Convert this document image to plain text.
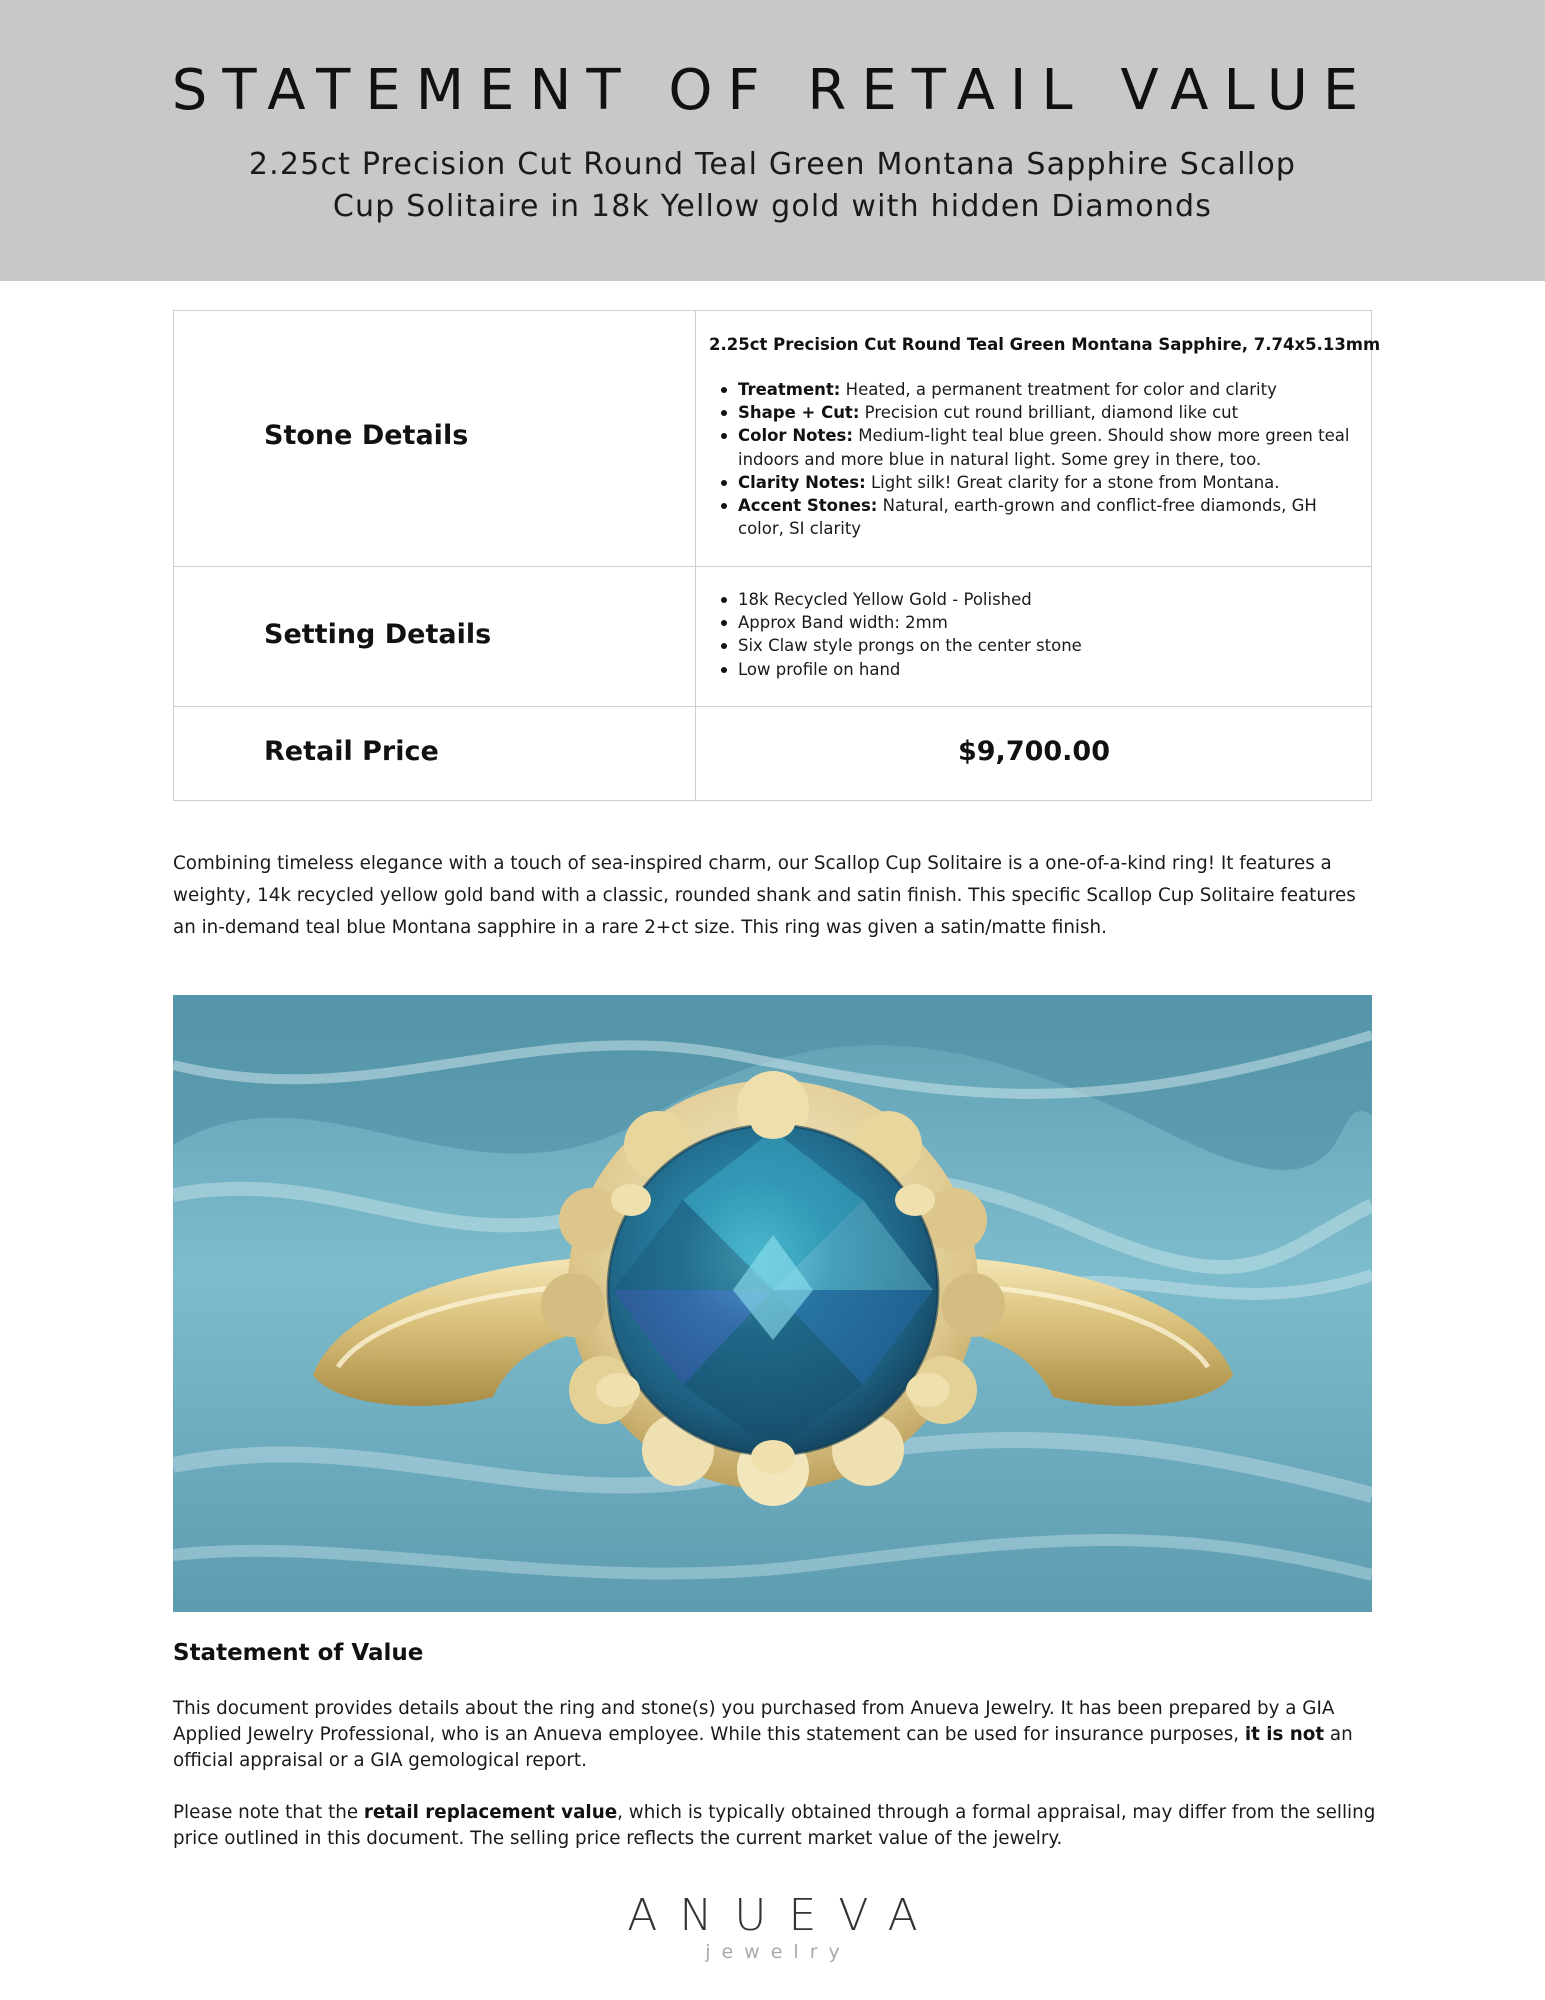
STATEMENT OF RETAIL VALUE
2.25ct Precision Cut Round Teal Green Montana Sapphire Scallop
Cup Solitaire in 18k Yellow gold with hidden Diamonds
Stone Details
2.25ct Precision Cut Round Teal Green Montana Sapphire, 7.74x5.13mm
Treatment: Heated, a permanent treatment for color and clarity
Shape + Cut: Precision cut round brilliant, diamond like cut
Color Notes: Medium-light teal blue green. Should show more green teal indoors and more blue in natural light. Some grey in there, too.
Clarity Notes: Light silk! Great clarity for a stone from Montana.
Accent Stones: Natural, earth-grown and conflict-free diamonds, GH color, SI clarity
Setting Details
18k Recycled Yellow Gold - Polished
Approx Band width: 2mm
Six Claw style prongs on the center stone
Low profile on hand
Retail Price	$9,700.00
Combining timeless elegance with a touch of sea-inspired charm, our Scallop Cup Solitaire is a one-of-a-kind ring! It features a weighty, 14k recycled yellow gold band with a classic, rounded shank and satin finish. This specific Scallop Cup Solitaire features an in-demand teal blue Montana sapphire in a rare 2+ct size. This ring was given a satin/matte finish.
Statement of Value

This document provides details about the ring and stone(s) you purchased from Anueva Jewelry. It has been prepared by a GIA Applied Jewelry Professional, who is an Anueva employee. While this statement can be used for insurance purposes, it is not an official appraisal or a GIA gemological report.

Please note that the retail replacement value, which is typically obtained through a formal appraisal, may differ from the selling price outlined in this document. The selling price reflects the current market value of the jewelry.

ANUEVA
jewelry
